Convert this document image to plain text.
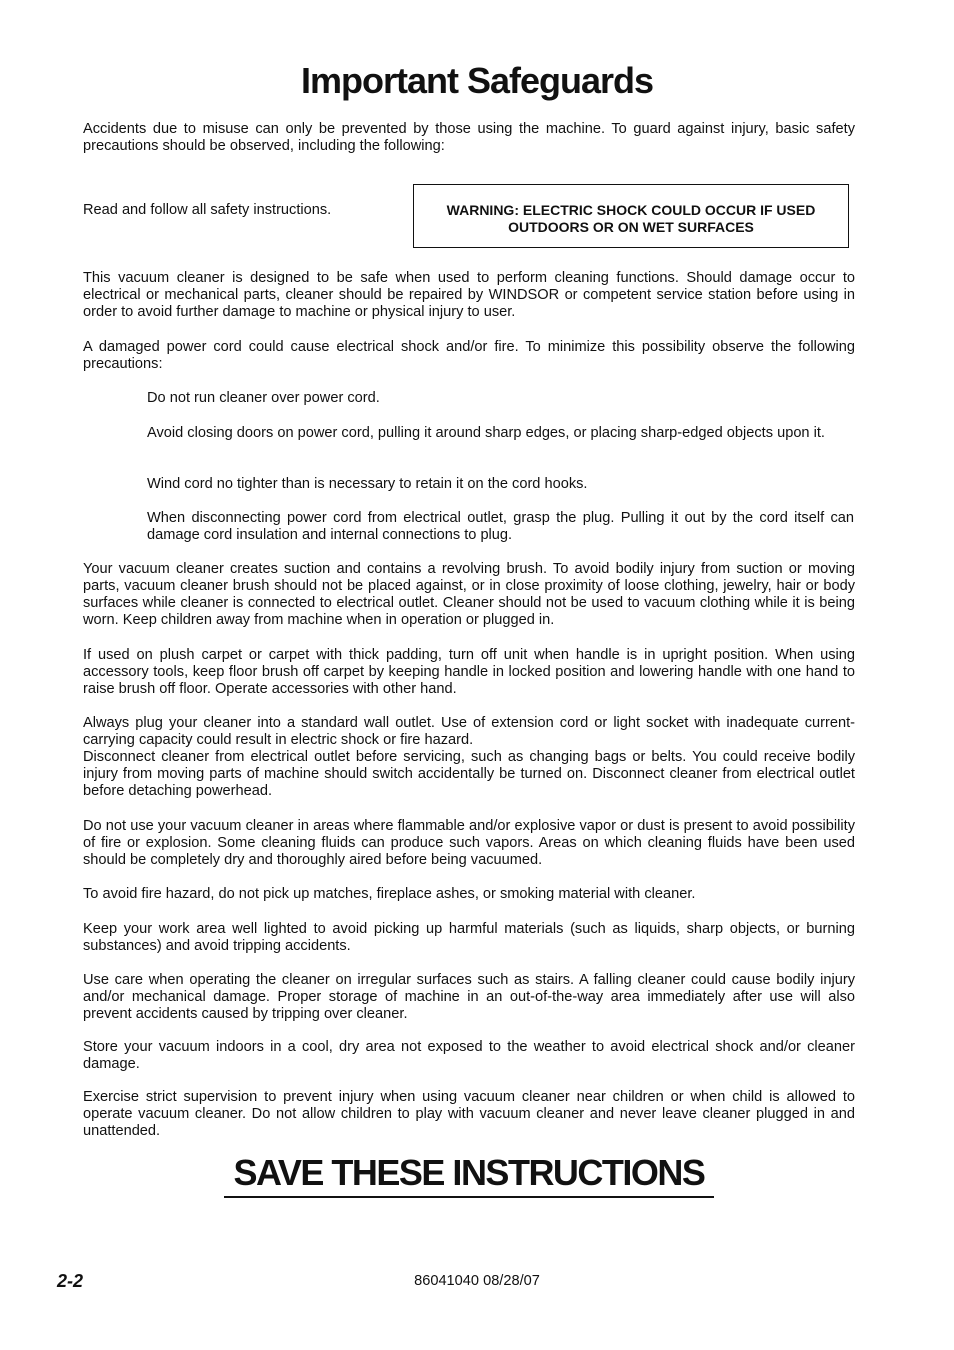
Important Safeguards
Accidents due to misuse can only be prevented by those using the machine. To guard against injury, basic safety precautions should be observed, including the following:
Read and follow all safety instructions.	WARNING: ELECTRIC SHOCK COULD OCCUR IF USED OUTDOORS OR ON WET SURFACES
This vacuum cleaner is designed to be safe when used to perform cleaning functions. Should damage occur to electrical or mechanical parts, cleaner should be repaired by WINDSOR or competent service station before using in order to avoid further damage to machine or physical injury to user.
A damaged power cord could cause electrical shock and/or fire. To minimize this possibility observe the following precautions:
Do not run cleaner over power cord.
Avoid closing doors on power cord, pulling it around sharp edges, or placing sharp-edged objects upon it.
Wind cord no tighter than is necessary to retain it on the cord hooks.
When disconnecting power cord from electrical outlet, grasp the plug. Pulling it out by the cord itself can damage cord insulation and internal connections to plug.
Your vacuum cleaner creates suction and contains a revolving brush. To avoid bodily injury from suction or moving parts, vacuum cleaner brush should not be placed against, or in close proximity of loose clothing, jewelry, hair or body surfaces while cleaner is connected to electrical outlet. Cleaner should not be used to vacuum clothing while it is being worn. Keep children away from machine when in operation or plugged in.
If used on plush carpet or carpet with thick padding, turn off unit when handle is in upright position. When using accessory tools, keep floor brush off carpet by keeping handle in locked position and lowering handle with one hand to raise brush off floor. Operate accessories with other hand.
Always plug your cleaner into a standard wall outlet. Use of extension cord or light socket with inadequate current-carrying capacity could result in electric shock or fire hazard.
Disconnect cleaner from electrical outlet before servicing, such as changing bags or belts. You could receive bodily injury from moving parts of machine should switch accidentally be turned on. Disconnect cleaner from electrical outlet before detaching powerhead.
Do not use your vacuum cleaner in areas where flammable and/or explosive vapor or dust is present to avoid possibility of fire or explosion. Some cleaning fluids can produce such vapors. Areas on which cleaning fluids have been used should be completely dry and thoroughly aired before being vacuumed.
To avoid fire hazard, do not pick up matches, fireplace ashes, or smoking material with cleaner.
Keep your work area well lighted to avoid picking up harmful materials (such as liquids, sharp objects, or burning substances) and avoid tripping accidents.
Use care when operating the cleaner on irregular surfaces such as stairs. A falling cleaner could cause bodily injury and/or mechanical damage. Proper storage of machine in an out-of-the-way area immediately after use will also prevent accidents caused by tripping over cleaner.
Store your vacuum indoors in a cool, dry area not exposed to the weather to avoid electrical shock and/or cleaner damage.
Exercise strict supervision to prevent injury when using vacuum cleaner near children or when child is allowed to operate vacuum cleaner. Do not allow children to play with vacuum cleaner and never leave cleaner plugged in and unattended.
SAVE THESE INSTRUCTIONS
2-2	86041040 08/28/07
